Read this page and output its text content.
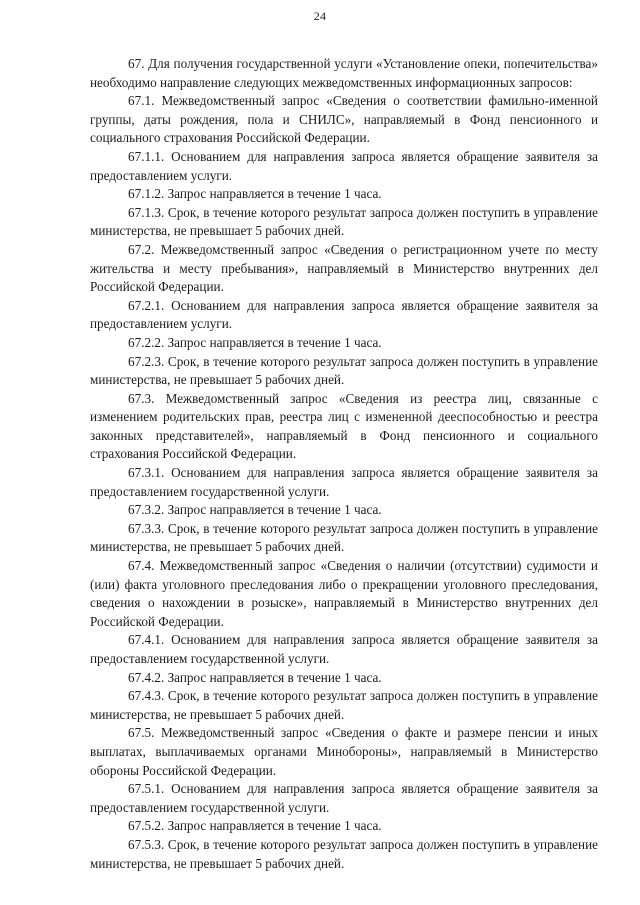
24

67. Для получения государственной услуги «Установление опеки, попечительства» необходимо направление следующих межведомственных информационных запросов:

67.1. Межведомственный запрос «Сведения о соответствии фамильно-именной группы, даты рождения, пола и СНИЛС», направляемый в Фонд пенсионного и социального страхования Российской Федерации.

67.1.1. Основанием для направления запроса является обращение заявителя за предоставлением услуги.

67.1.2. Запрос направляется в течение 1 часа.

67.1.3. Срок, в течение которого результат запроса должен поступить в управление министерства, не превышает 5 рабочих дней.

67.2. Межведомственный запрос «Сведения о регистрационном учете по месту жительства и месту пребывания», направляемый в Министерство внутренних дел Российской Федерации.

67.2.1. Основанием для направления запроса является обращение заявителя за предоставлением услуги.

67.2.2. Запрос направляется в течение 1 часа.

67.2.3. Срок, в течение которого результат запроса должен поступить в управление министерства, не превышает 5 рабочих дней.

67.3. Межведомственный запрос «Сведения из реестра лиц, связанные с изменением родительских прав, реестра лиц с измененной дееспособностью и реестра законных представителей», направляемый в Фонд пенсионного и социального страхования Российской Федерации.

67.3.1. Основанием для направления запроса является обращение заявителя за предоставлением государственной услуги.

67.3.2. Запрос направляется в течение 1 часа.

67.3.3. Срок, в течение которого результат запроса должен поступить в управление министерства, не превышает 5 рабочих дней.

67.4. Межведомственный запрос «Сведения о наличии (отсутствии) судимости и (или) факта уголовного преследования либо о прекращении уголовного преследования, сведения о нахождении в розыске», направляемый в Министерство внутренних дел Российской Федерации.

67.4.1. Основанием для направления запроса является обращение заявителя за предоставлением государственной услуги.

67.4.2. Запрос направляется в течение 1 часа.

67.4.3. Срок, в течение которого результат запроса должен поступить в управление министерства, не превышает 5 рабочих дней.

67.5. Межведомственный запрос «Сведения о факте и размере пенсии и иных выплатах, выплачиваемых органами Минобороны», направляемый в Министерство обороны Российской Федерации.

67.5.1. Основанием для направления запроса является обращение заявителя за предоставлением государственной услуги.

67.5.2. Запрос направляется в течение 1 часа.

67.5.3. Срок, в течение которого результат запроса должен поступить в управление министерства, не превышает 5 рабочих дней.
